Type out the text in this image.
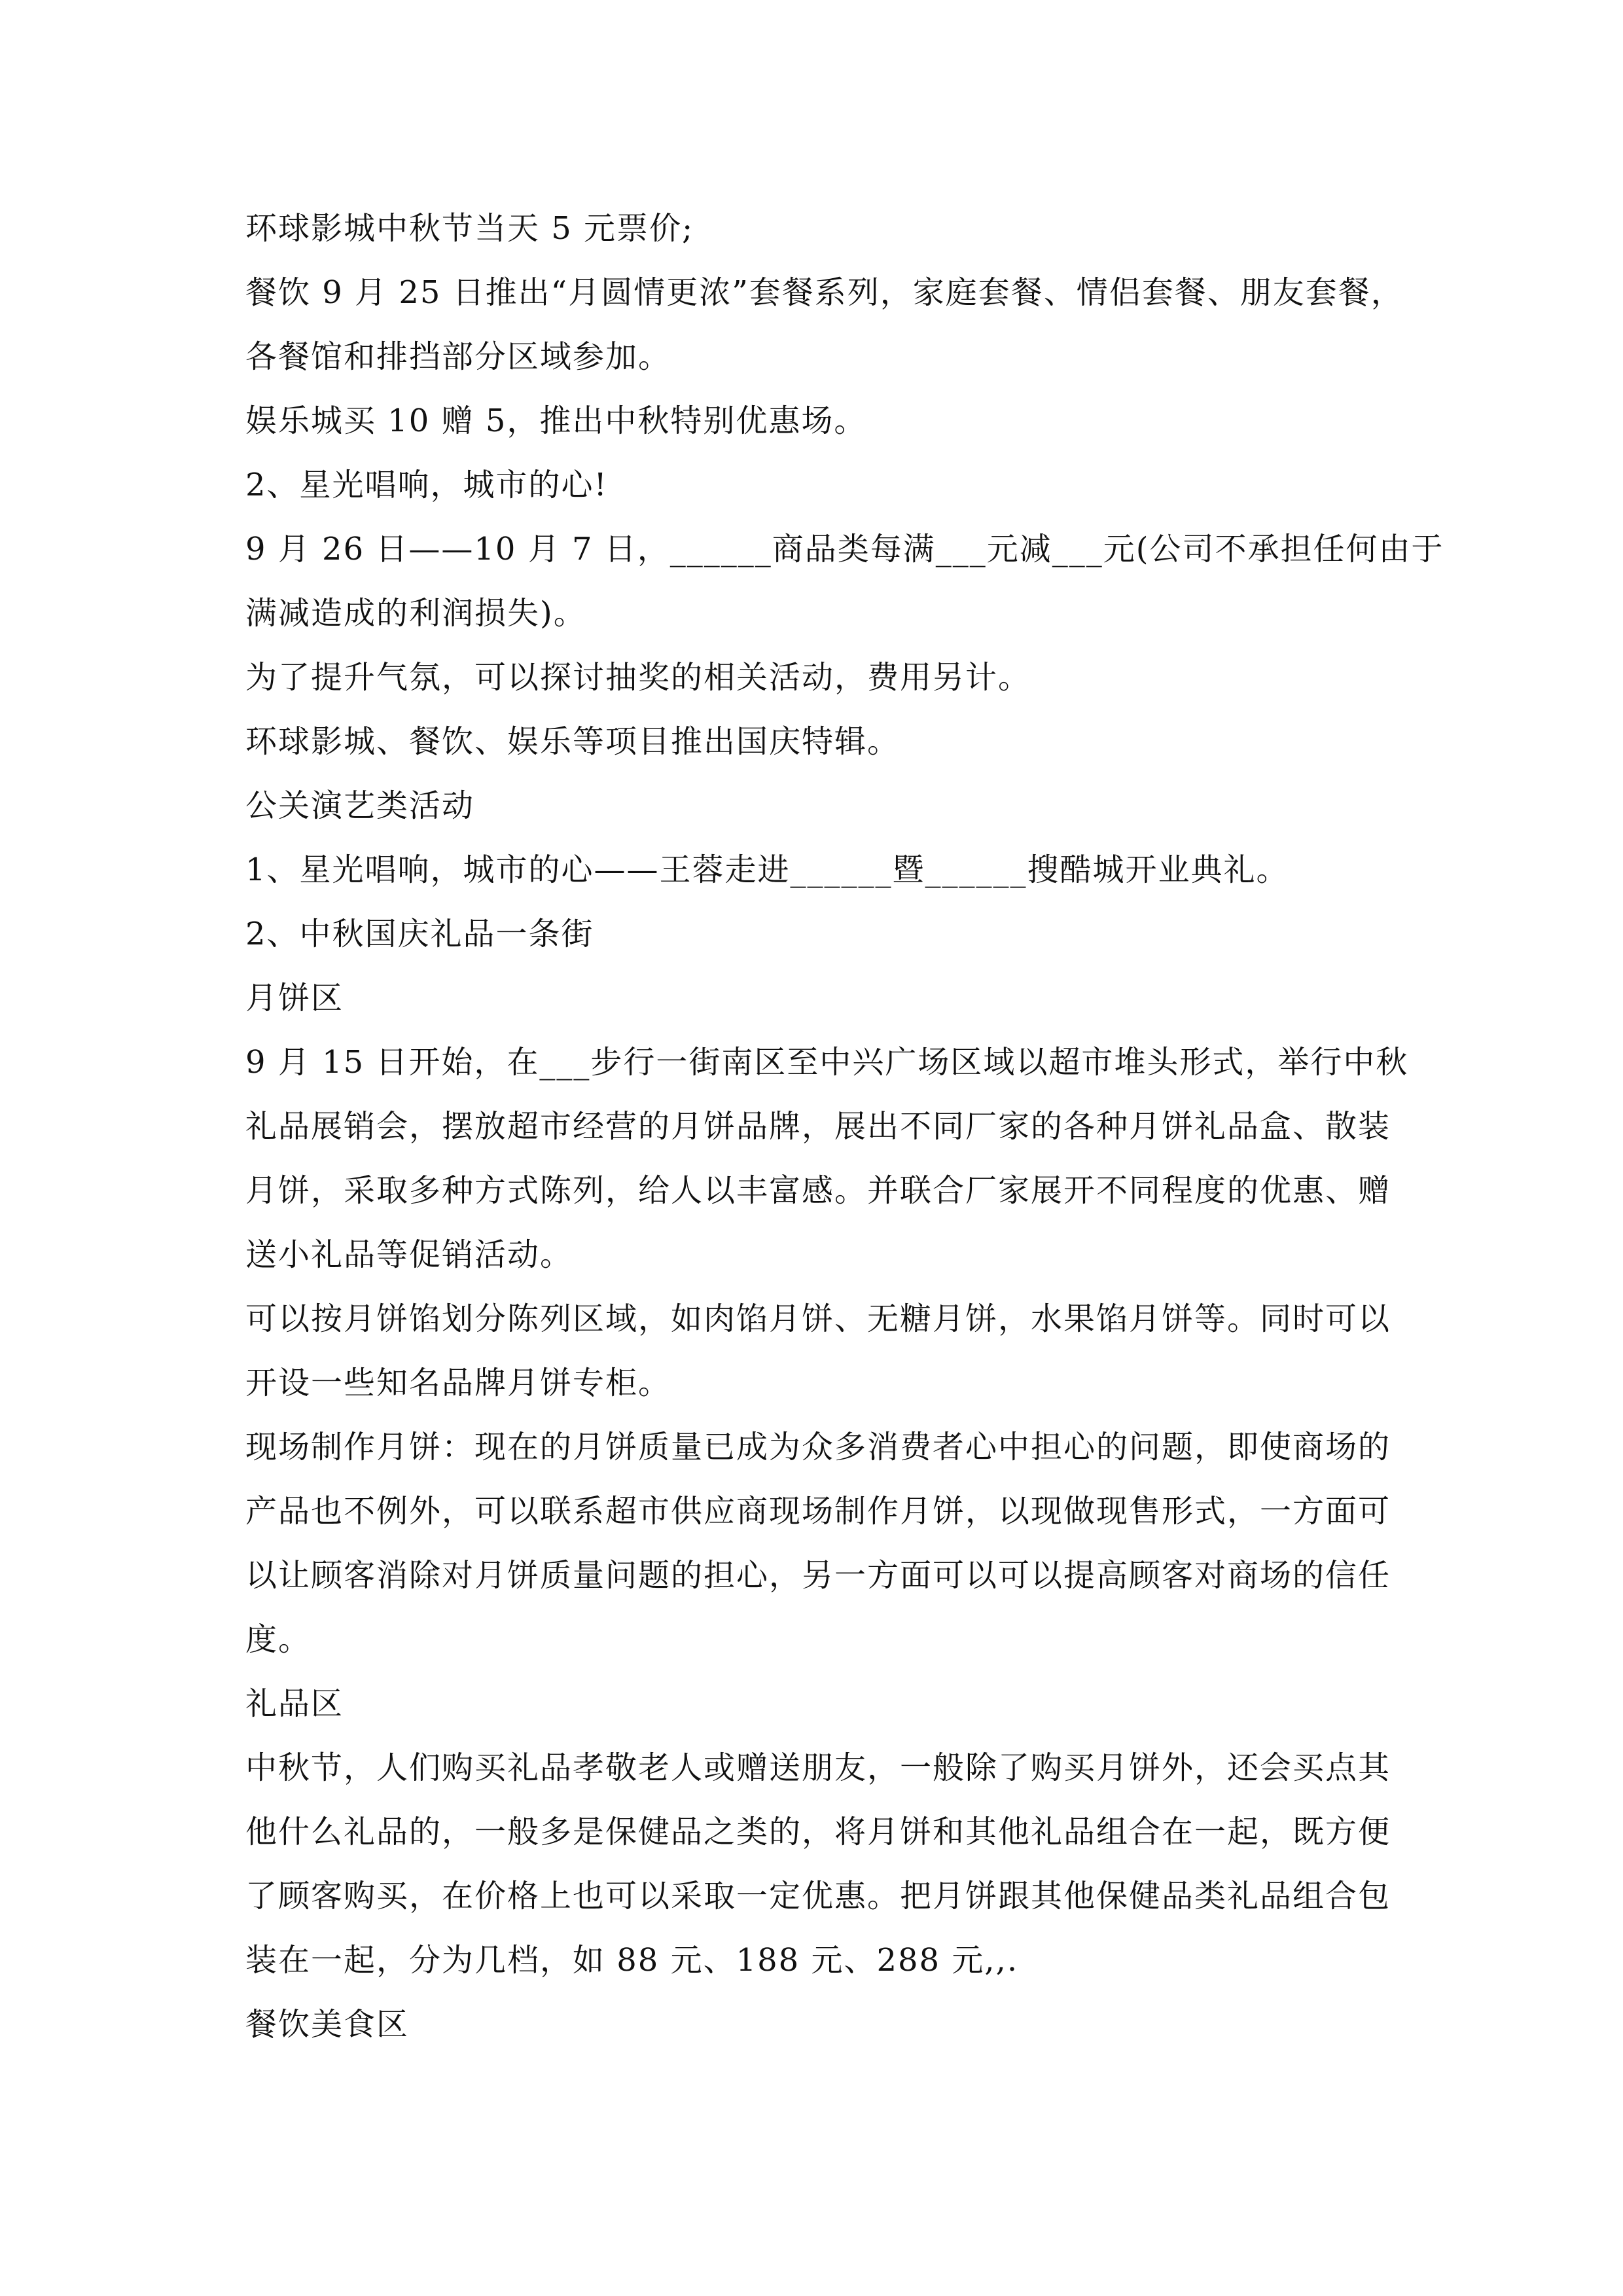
环球影城中秋节当天 5 元票价;

餐饮 9 月 25 日推出“月圆情更浓”套餐系列，家庭套餐、情侣套餐、朋友套餐，

各餐馆和排挡部分区域参加。

娱乐城买 10 赠 5，推出中秋特别优惠场。

2、星光唱响，城市的心!

9 月 26 日——10 月 7 日，______商品类每满___元减___元(公司不承担任何由于

满减造成的利润损失)。

为了提升气氛，可以探讨抽奖的相关活动，费用另计。

环球影城、餐饮、娱乐等项目推出国庆特辑。

公关演艺类活动

1、星光唱响，城市的心——王蓉走进______暨______搜酷城开业典礼。

2、中秋国庆礼品一条街

月饼区

9 月 15 日开始，在___步行一街南区至中兴广场区域以超市堆头形式，举行中秋

礼品展销会，摆放超市经营的月饼品牌，展出不同厂家的各种月饼礼品盒、散装

月饼，采取多种方式陈列，给人以丰富感。并联合厂家展开不同程度的优惠、赠

送小礼品等促销活动。

可以按月饼馅划分陈列区域，如肉馅月饼、无糖月饼，水果馅月饼等。同时可以

开设一些知名品牌月饼专柜。

现场制作月饼：现在的月饼质量已成为众多消费者心中担心的问题，即使商场的

产品也不例外，可以联系超市供应商现场制作月饼，以现做现售形式，一方面可

以让顾客消除对月饼质量问题的担心，另一方面可以可以提高顾客对商场的信任

度。

礼品区

中秋节，人们购买礼品孝敬老人或赠送朋友，一般除了购买月饼外，还会买点其

他什么礼品的，一般多是保健品之类的，将月饼和其他礼品组合在一起，既方便

了顾客购买，在价格上也可以采取一定优惠。把月饼跟其他保健品类礼品组合包

装在一起，分为几档，如 88 元、188 元、288 元,,.

餐饮美食区
